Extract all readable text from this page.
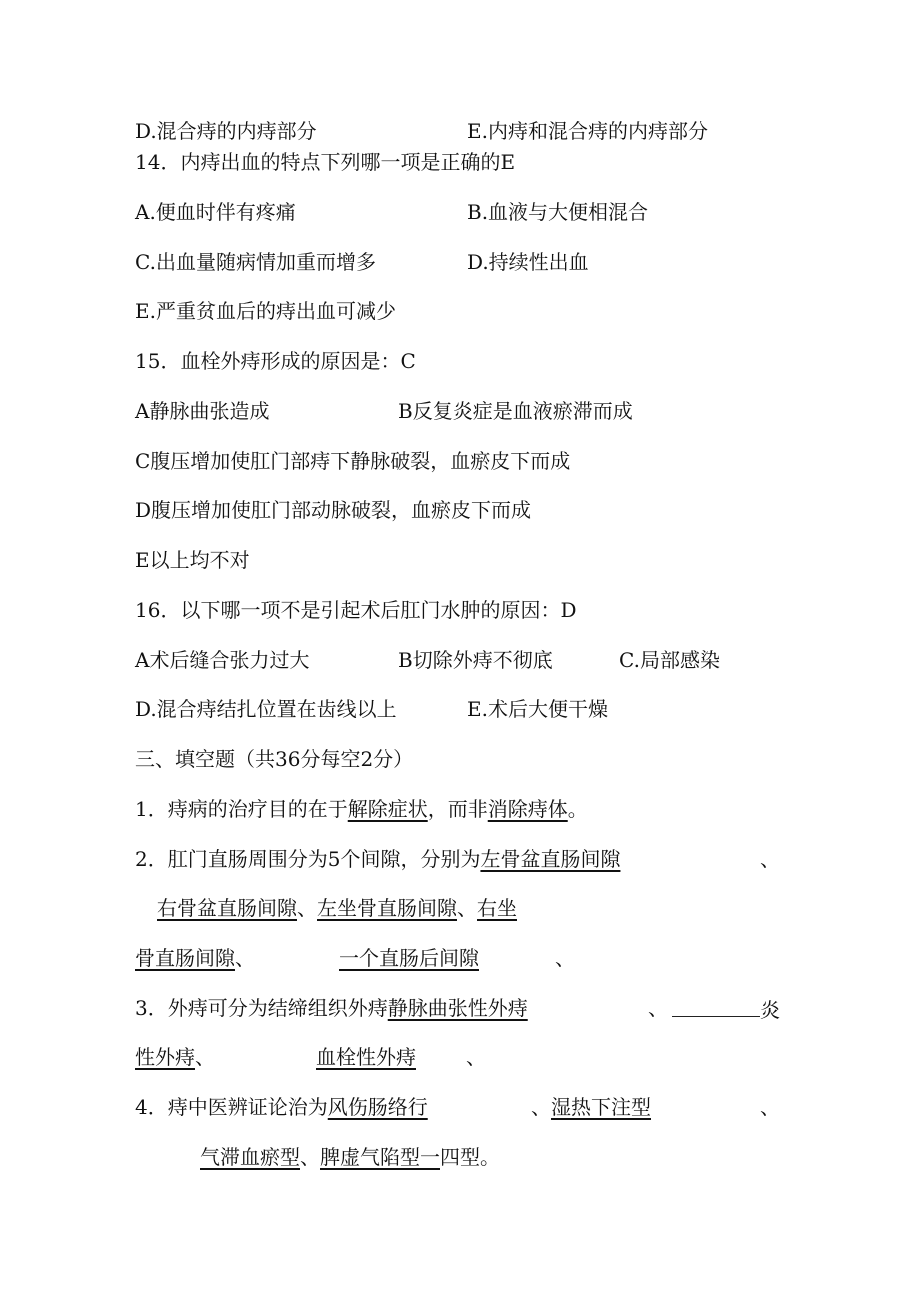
D.混合痔的内痔部分	E.内痔和混合痔的内痔部分
14．内痔出血的特点下列哪一项是正确的E
A.便血时伴有疼痛	B.血液与大便相混合
C.出血量随病情加重而增多	D.持续性出血
E.严重贫血后的痔出血可减少
15．血栓外痔形成的原因是：C
A静脉曲张造成	B反复炎症是血液瘀滞而成
C腹压增加使肛门部痔下静脉破裂，血瘀皮下而成
D腹压增加使肛门部动脉破裂，血瘀皮下而成
E以上均不对
16．以下哪一项不是引起术后肛门水肿的原因：D
A术后缝合张力过大	B切除外痔不彻底	C.局部感染
D.混合痔结扎位置在齿线以上	E.术后大便干燥
三、填空题（共36分每空2分）
1．痔病的治疗目的在于解除症状，而非消除痔体。
2．肛门直肠周围分为5个间隙，分别为左骨盆直肠间隙	、
右骨盆直肠间隙、左坐骨直肠间隙、右坐
骨直肠间隙、	一个直肠后间隙	、
3．外痔可分为结缔组织外痔静脉曲张性外痔	、	炎
性外痔、	血栓性外痔	、
4．痔中医辨证论治为风伤肠络行	、湿热下注型	、
气滞血瘀型、脾虚气陷型一四型。
